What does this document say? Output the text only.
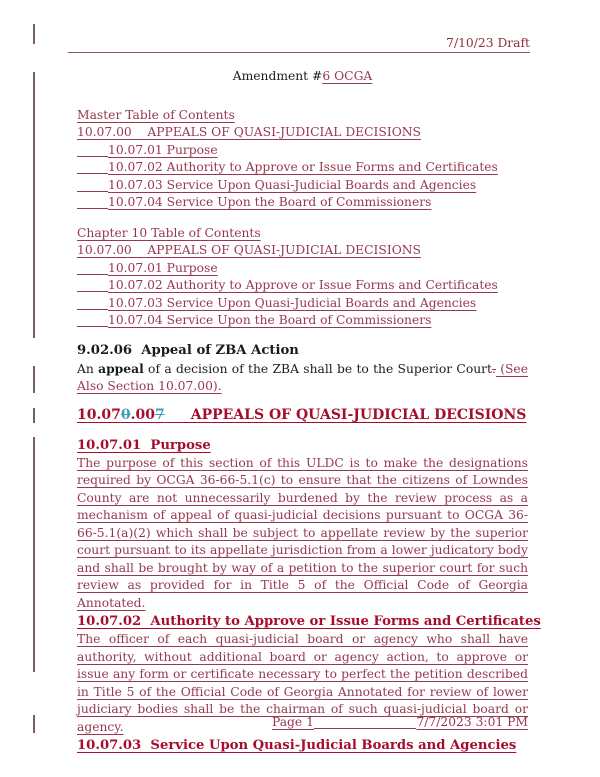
7/10/23 Draft
Amendment #6 OCGA
Master Table of Contents
10.07.00    APPEALS OF QUASI-JUDICIAL DECISIONS
10.07.01 Purpose
10.07.02 Authority to Approve or Issue Forms and Certificates
10.07.03 Service Upon Quasi-Judicial Boards and Agencies
10.07.04 Service Upon the Board of Commissioners
Chapter 10 Table of Contents
10.07.00    APPEALS OF QUASI-JUDICIAL DECISIONS
10.07.01 Purpose
10.07.02 Authority to Approve or Issue Forms and Certificates
10.07.03 Service Upon Quasi-Judicial Boards and Agencies
10.07.04 Service Upon the Board of Commissioners
9.02.06  Appeal of ZBA Action

An appeal of a decision of the ZBA shall be to the Superior Court. (See Also Section 10.07.00).

10.070.007 APPEALS OF QUASI-JUDICIAL DECISIONS
10.07.01  Purpose

The purpose of this section of this ULDC is to make the designations required by OCGA 36-66-5.1(c) to ensure that the citizens of Lowndes County are not unnecessarily burdened by the review process as a mechanism of appeal of quasi-judicial decisions pursuant to OCGA 36-66-5.1(a)(2) which shall be subject to appellate review by the superior court pursuant to its appellate jurisdiction from a lower judicatory body and shall be brought by way of a petition to the superior court for such review as provided for in Title 5 of the Official Code of Georgia Annotated.

10.07.02  Authority to Approve or Issue Forms and Certificates

The officer of each quasi-judicial board or agency who shall have authority, without additional board or agency action, to approve or issue any form or certificate necessary to perfect the petition described in Title 5 of the Official Code of Georgia Annotated for review of lower judiciary bodies shall be the chairman of such quasi-judicial board or agency.

10.07.03  Service Upon Quasi-Judicial Boards and Agencies
Page 1	7/7/2023 3:01 PM
